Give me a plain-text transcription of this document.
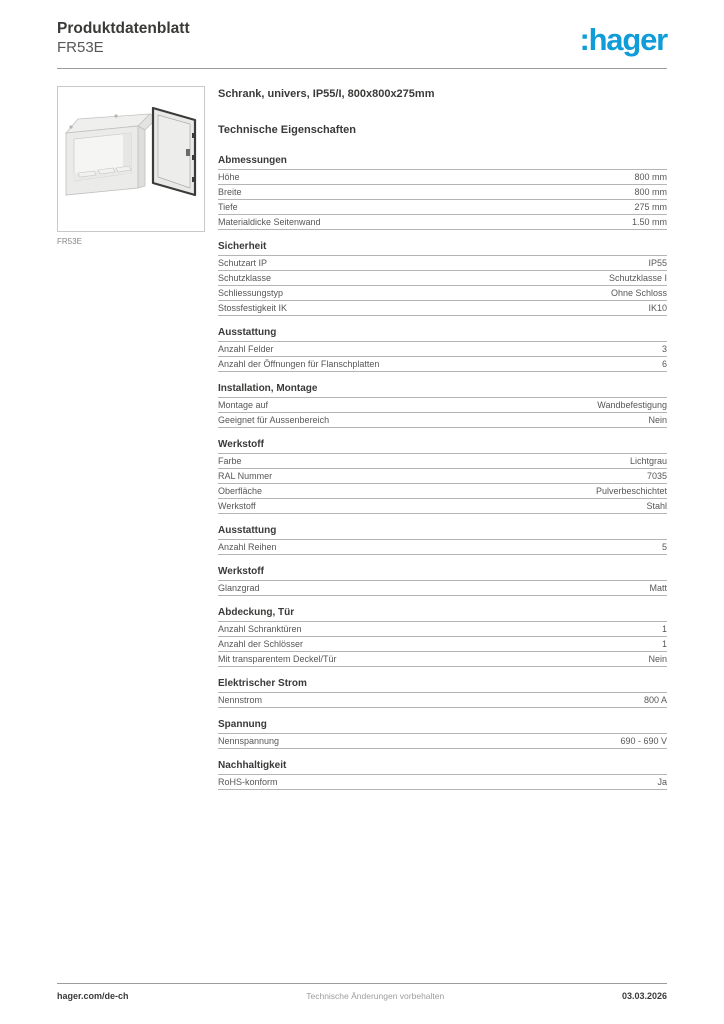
Produktdatenblatt
FR53E	:hager
FR53E
Schrank, univers, IP55/I, 800x800x275mm
Technische Eigenschaften
Abmessungen
Höhe	800 mm
Breite	800 mm
Tiefe	275 mm
Materialdicke Seitenwand	1.50 mm
Sicherheit
Schutzart IP	IP55
Schutzklasse	Schutzklasse I
Schliessungstyp	Ohne Schloss
Stossfestigkeit IK	IK10
Ausstattung
Anzahl Felder	3
Anzahl der Öffnungen für Flanschplatten	6
Installation, Montage
Montage auf	Wandbefestigung
Geeignet für Aussenbereich	Nein
Werkstoff
Farbe	Lichtgrau
RAL Nummer	7035
Oberfläche	Pulverbeschichtet
Werkstoff	Stahl
Ausstattung
Anzahl Reihen	5
Werkstoff
Glanzgrad	Matt
Abdeckung, Tür
Anzahl Schranktüren	1
Anzahl der Schlösser	1
Mit transparentem Deckel/Tür	Nein
Elektrischer Strom
Nennstrom	800 A
Spannung
Nennspannung	690 - 690 V
Nachhaltigkeit
RoHS-konform	Ja
hager.com/de-ch	Technische Änderungen vorbehalten	03.03.2026
